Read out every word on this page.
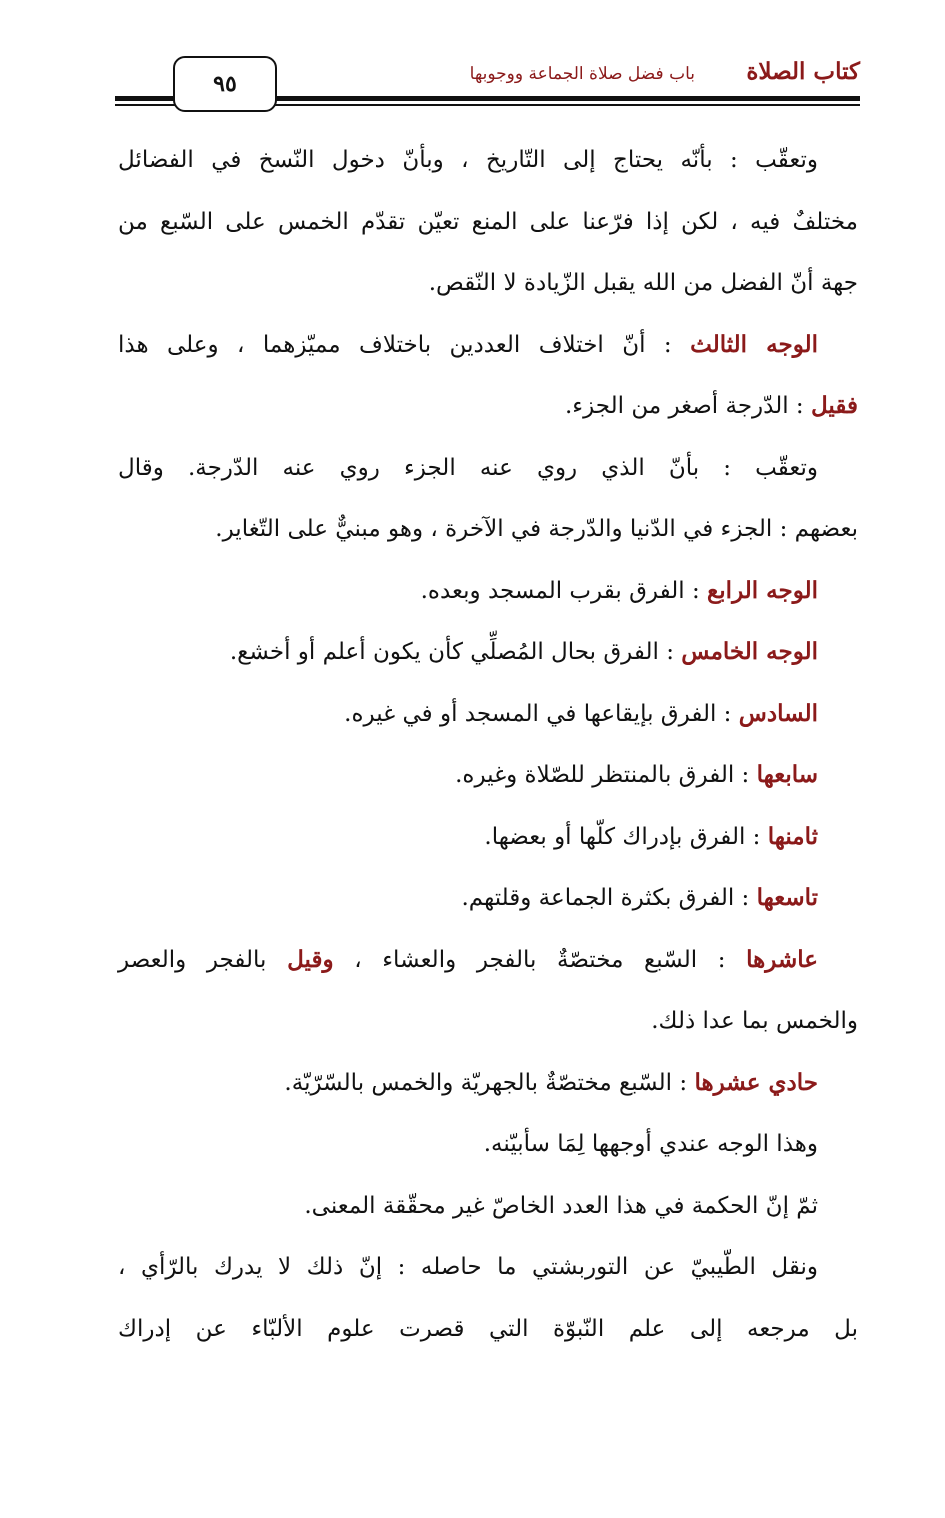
٩٥	كتاب الصلاة
باب فضل صلاة الجماعة ووجوبها
وتعقّب : بأنّه يحتاج إلى التّاريخ ، وبأنّ دخول النّسخ في الفضائل
مختلفٌ فيه ، لكن إذا فرّعنا على المنع تعيّن تقدّم الخمس على السّبع من
جهة أنّ الفضل من الله يقبل الزّيادة لا النّقص.
الوجه الثالث : أنّ اختلاف العددين باختلاف مميّزهما ، وعلى هذا
فقيل : الدّرجة أصغر من الجزء.
وتعقّب : بأنّ الذي روي عنه الجزء روي عنه الدّرجة. وقال
بعضهم : الجزء في الدّنيا والدّرجة في الآخرة ، وهو مبنيٌّ على التّغاير.
الوجه الرابع : الفرق بقرب المسجد وبعده.
الوجه الخامس : الفرق بحال المُصلِّي كأن يكون أعلم أو أخشع.
السادس : الفرق بإيقاعها في المسجد أو في غيره.
سابعها : الفرق بالمنتظر للصّلاة وغيره.
ثامنها : الفرق بإدراك كلّها أو بعضها.
تاسعها : الفرق بكثرة الجماعة وقلتهم.
عاشرها : السّبع مختصّةٌ بالفجر والعشاء ، وقيل بالفجر والعصر
والخمس بما عدا ذلك.
حادي عشرها : السّبع مختصّةٌ بالجهريّة والخمس بالسّرّيّة.
وهذا الوجه عندي أوجهها لِمَا سأبيّنه.
ثمّ إنّ الحكمة في هذا العدد الخاصّ غير محقّقة المعنى.
ونقل الطّيبيّ عن التوربشتي ما حاصله : إنّ ذلك لا يدرك بالرّأي ،
بل مرجعه إلى علم النّبوّة التي قصرت علوم الألبّاء عن إدراك
